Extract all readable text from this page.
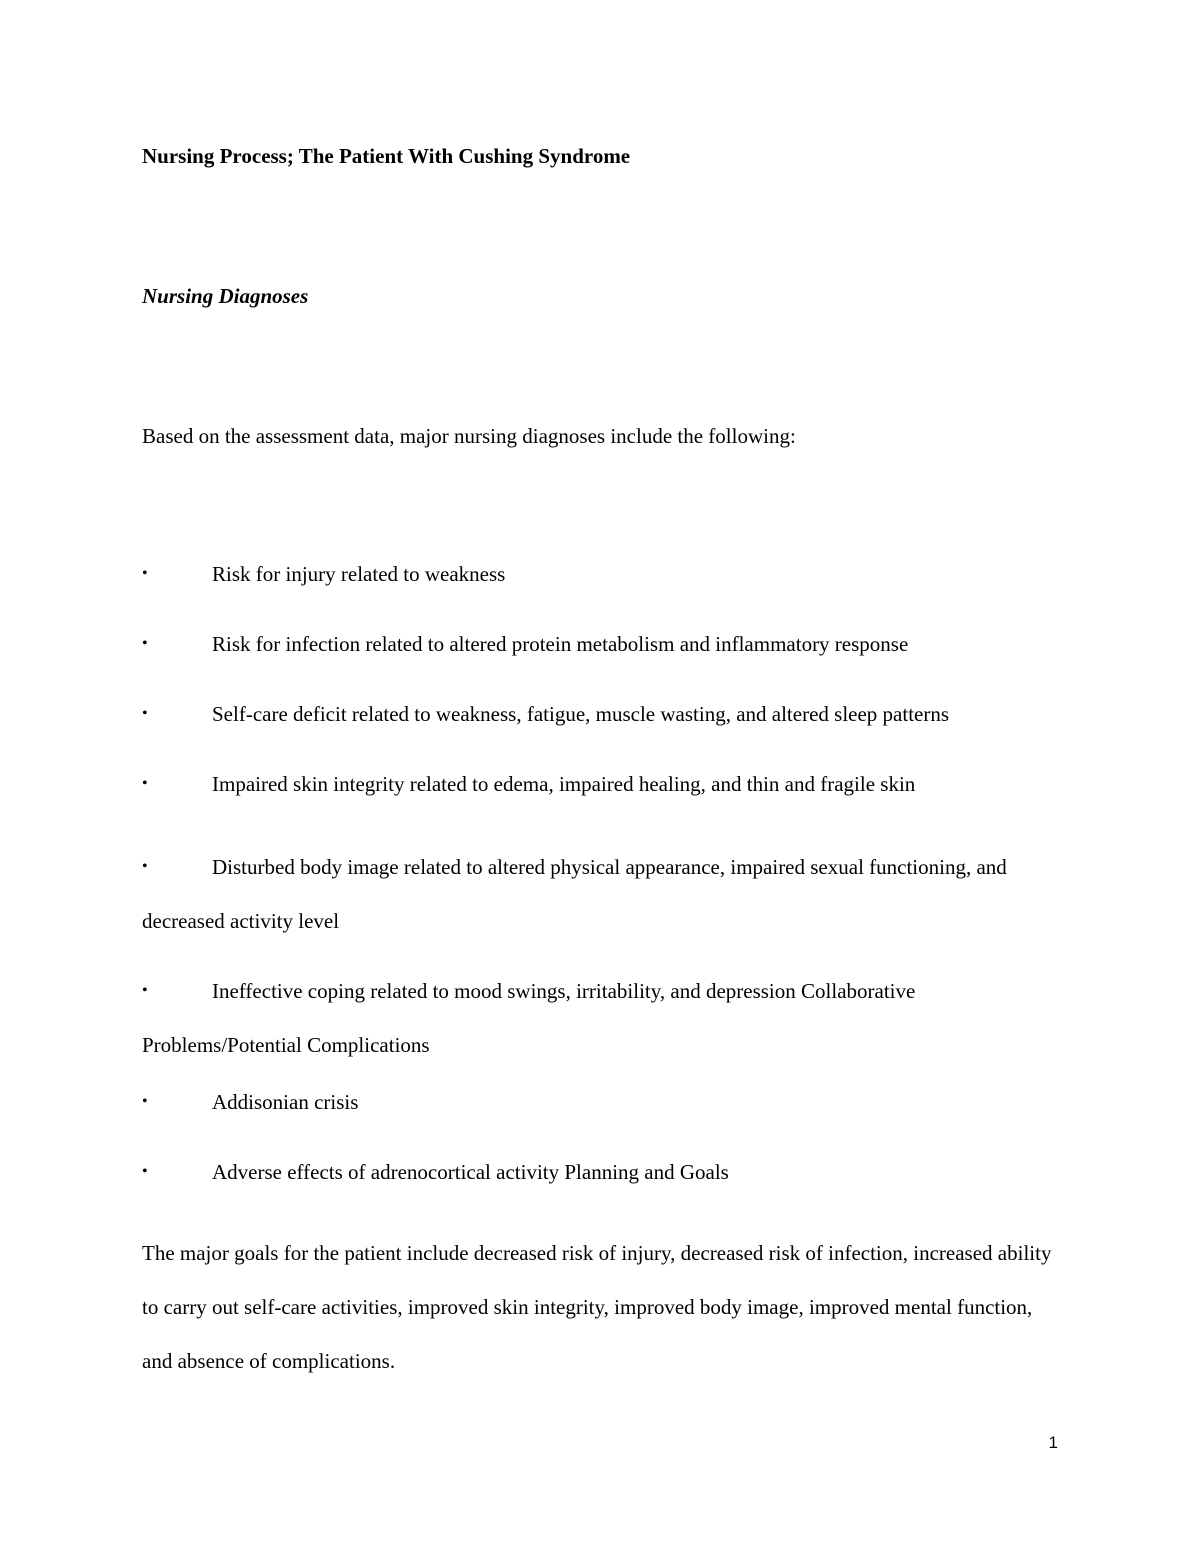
Nursing Process; The Patient With Cushing Syndrome
Nursing Diagnoses
Based on the assessment data, major nursing diagnoses include the following:
•	Risk for injury related to weakness
•	Risk for infection related to altered protein metabolism and inflammatory response
•	Self-care deficit related to weakness, fatigue, muscle wasting, and altered sleep patterns
•	Impaired skin integrity related to edema, impaired healing, and thin and fragile skin
•	Disturbed body image related to altered physical appearance, impaired sexual functioning, and decreased activity level
•	Ineffective coping related to mood swings, irritability, and depression Collaborative Problems/Potential Complications
•	Addisonian crisis
•	Adverse effects of adrenocortical activity Planning and Goals

The major goals for the patient include decreased risk of injury, decreased risk of infection, increased ability to carry out self-care activities, improved skin integrity, improved body image, improved mental function, and absence of complications.

1
